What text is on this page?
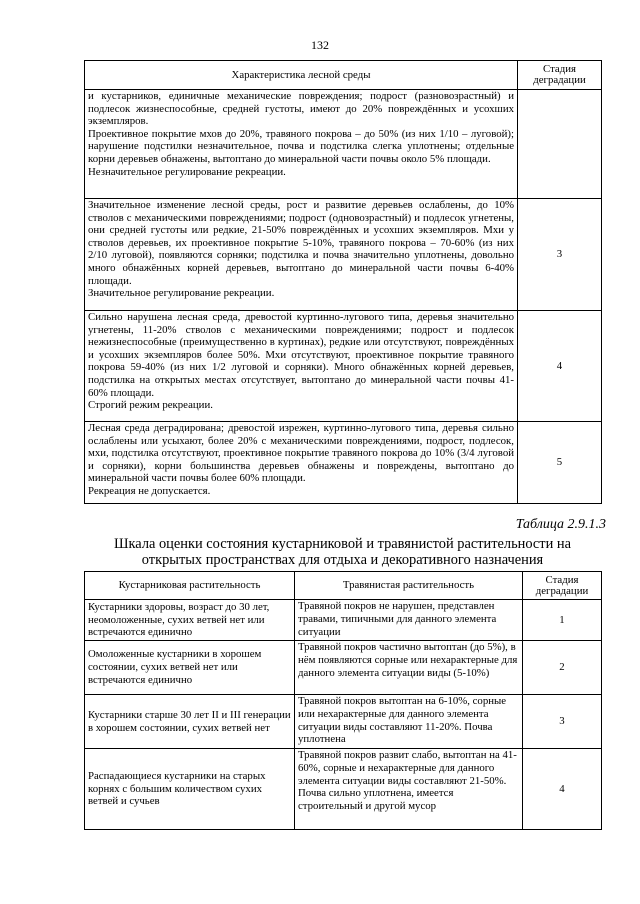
132
Характеристика лесной среды	Стадия деградации

и кустарников, единичные механические повреждения; подрост (разновозрастный) и подлесок жизнеспособные, средней густоты, имеют до 20% повреждённых и усохших экземпляров.

Проективное покрытие мхов до 20%, травяного покрова – до 50% (из них 1/10 – луговой); нарушение подстилки незначительное, почва и подстилка слегка уплотнены; отдельные корни деревьев обнажены, вытоптано до минеральной части почвы около 5% площади.

Незначительное регулирование рекреации.	

Значительное изменение лесной среды, рост и развитие деревьев ослаблены, до 10% стволов с механическими повреждениями; подрост (одновозрастный) и подлесок угнетены, они средней густоты или редкие, 21-50% повреждённых и усохших экземпляров. Мхи у стволов деревьев, их проективное покрытие 5-10%, травяного покрова – 70-60% (из них 2/10 луговой), появляются сорняки; подстилка и почва значительно уплотнены, довольно много обнажённых корней деревьев, вытоптано до минеральной части почвы 6-40% площади.

Значительное регулирование рекреации.	3

Сильно нарушена лесная среда, древостой куртинно-лугового типа, деревья значительно угнетены, 11-20% стволов с механическими повреждениями; подрост и подлесок нежизнеспособные (преимущественно в куртинах), редкие или отсутствуют, повреждённых и усохших экземпляров более 50%. Мхи отсутствуют, проективное покрытие травяного покрова 59-40% (из них 1/2 луговой и сорняки). Много обнажённых корней деревьев, подстилка на открытых местах отсутствует, вытоптано до минеральной части почвы 41-60% площади.

Строгий режим рекреации.	4

Лесная среда деградирована; древостой изрежен, куртинно-лугового типа, деревья сильно ослаблены или усыхают, более 20% с механическими повреждениями, подрост, подлесок, мхи, подстилка отсутствуют, проективное покрытие травяного покрова до 10% (3/4 луговой и сорняки), корни большинства деревьев обнажены и повреждены, вытоптано до минеральной части почвы более 60% площади.

Рекреация не допускается.	5
Таблица 2.9.1.3
Шкала оценки состояния кустарниковой и травянистой растительности на открытых пространствах для отдыха и декоративного назначения
Кустарниковая растительность	Травянистая растительность	Стадия деградации
Кустарники здоровы, возраст до 30 лет, неомоложенные, сухих ветвей нет или встречаются единично	Травяной покров не нарушен, представлен травами, типичными для данного элемента ситуации	1
Омоложенные кустарники в хорошем состоянии, сухих ветвей нет или встречаются единично	Травяной покров частично вытоптан (до 5%), в нём появляются сорные или нехарактерные для данного элемента ситуации виды (5-10%)	2
Кустарники старше 30 лет II и III генерации в хорошем состоянии, сухих ветвей нет	Травяной покров вытоптан на 6-10%, сорные или нехарактерные для данного элемента ситуации виды составляют 11-20%. Почва уплотнена	3
Распадающиеся кустарники на старых корнях с большим количеством сухих ветвей и сучьев	Травяной покров развит слабо, вытоптан на 41-60%, сорные и нехарактерные для данного элемента ситуации виды составляют 21-50%.

Почва сильно уплотнена, имеется строительный и другой мусор	4
